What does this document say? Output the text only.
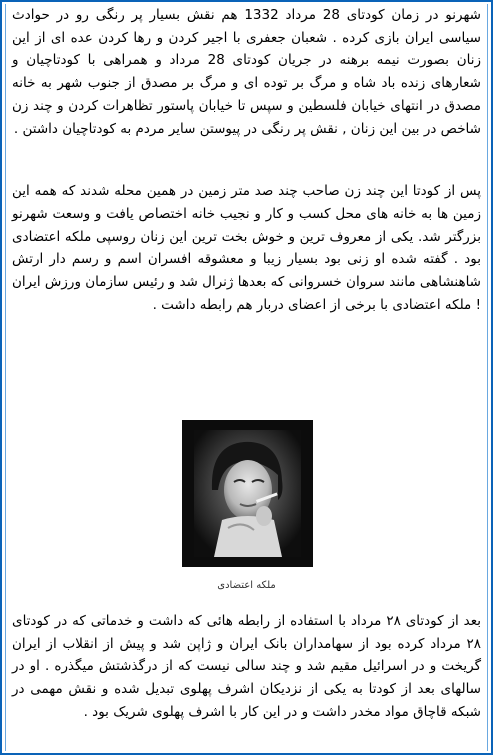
شهرنو در زمان کودتای 28 مرداد 1332 هم نقش بسیار پر رنگی رو در حوادث سیاسی ایران بازی کرده . شعبان جعفری با اجیر کردن و رها کردن عده ای از این زنان بصورت نیمه برهنه در جریان کودتای 28 مرداد و همراهی با کودتاچیان و شعارهای زنده باد شاه و مرگ بر توده ای و مرگ بر مصدق از جنوب شهر به خانه مصدق در انتهای خیابان فلسطین و سپس تا خیابان پاستور تظاهرات کردن و چند زن شاخص در بین این زنان , نقش پر رنگی در پیوستن سایر مردم به کودتاچیان داشتن .

پس از کودتا این چند زن صاحب چند صد متر زمین در همین محله شدند که همه این زمین ها به خانه های محل کسب و کار و نجیب خانه اختصاص یافت و وسعت شهرنو بزرگتر شد. یکی از معروف ترین و خوش بخت ترین این زنان روسپی ملکه اعتضادی بود . گفته شده او زنی بود بسیار زیبا و معشوقه افسران اسم و رسم دار ارتش شاهنشاهی مانند سروان خسروانی که بعدها ژنرال شد و رئیس سازمان ورزش ایران ! ملکه اعتضادی با برخی از اعضای دربار هم رابطه داشت .

ملکه اعتضادی

بعد از کودتای ۲۸ مرداد با استفاده از رابطه هائی که داشت و خدماتی که در کودتای ۲۸ مرداد کرده بود از سهامداران بانک ایران و ژاپن شد و پیش از انقلاب از ایران گریخت و در اسرائیل مقیم شد و چند سالی نیست که از درگذشتش میگذره . او در سالهای بعد از کودتا به یکی از نزدیکان اشرف پهلوی تبدیل شده و نقش مهمی در شبکه قاچاق مواد مخدر داشت و در این کار با اشرف پهلوی شریک بود .
